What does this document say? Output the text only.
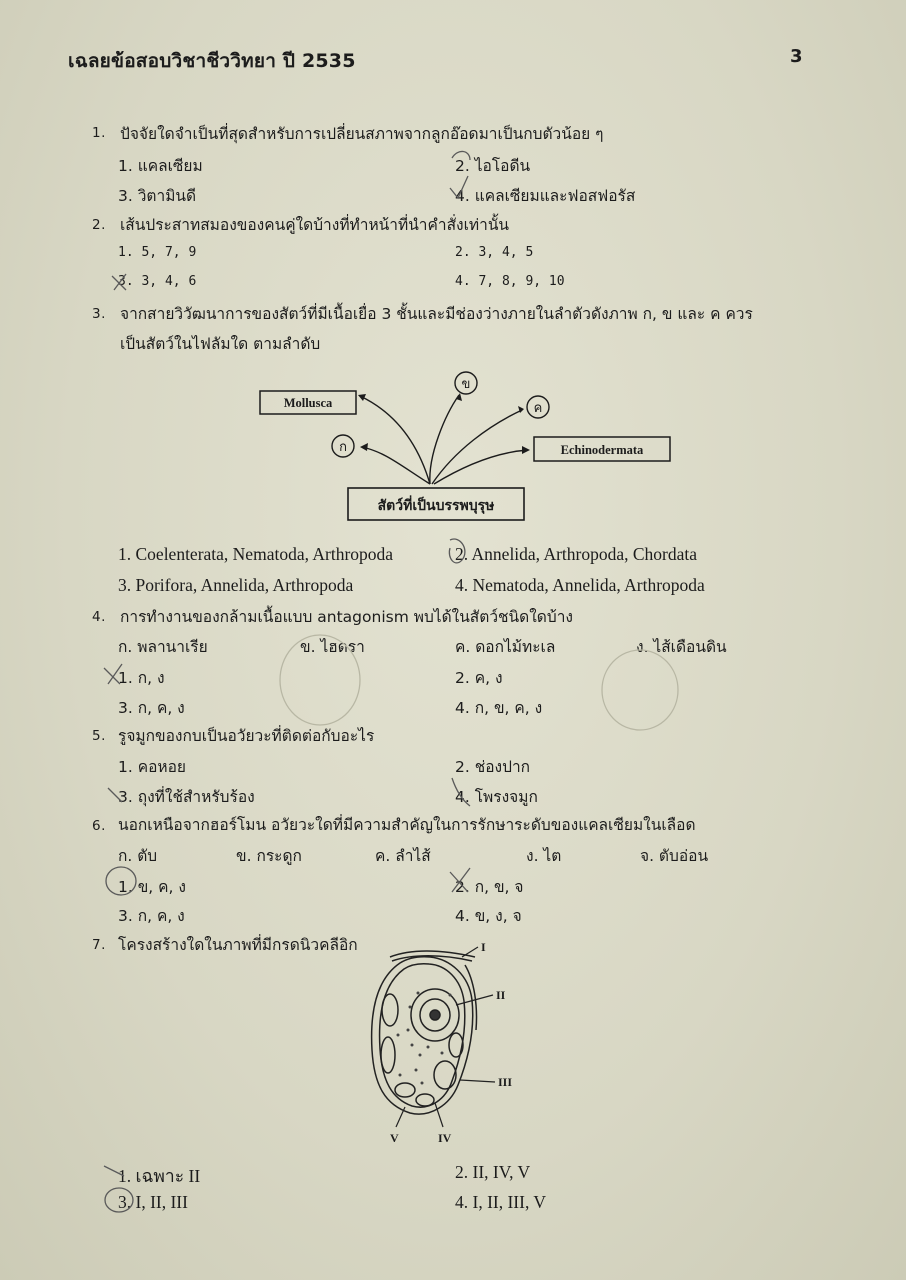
เฉลยข้อสอบวิชาชีววิทยา ปี 2535	3
1. ปัจจัยใดจำเป็นที่สุดสำหรับการเปลี่ยนสภาพจากลูกอ๊อดมาเป็นกบตัวน้อย ๆ
1. แคลเซียม	2. ไอโอดีน
3. วิตามินดี	4. แคลเซียมและฟอสฟอรัส
2. เส้นประสาทสมองของคนคู่ใดบ้างที่ทำหน้าที่นำคำสั่งเท่านั้น
1. 5, 7, 9	2. 3, 4, 5
3. 3, 4, 6	4. 7, 8, 9, 10
3. จากสายวิวัฒนาการของสัตว์ที่มีเนื้อเยื่อ 3 ชั้นและมีช่องว่างภายในลำตัวดังภาพ ก, ข และ ค ควร
เป็นสัตว์ในไฟลัมใด ตามลำดับ
Mollusca
Echinodermata
ก
ข
ค
สัตว์ที่เป็นบรรพบุรุษ
1. Coelenterata, Nematoda, Arthropoda	2. Annelida, Arthropoda, Chordata
3. Porifora, Annelida, Arthropoda	4. Nematoda, Annelida, Arthropoda
4. การทำงานของกล้ามเนื้อแบบ antagonism พบได้ในสัตว์ชนิดใดบ้าง
ก. พลานาเรีย	ข. ไฮดรา	ค. ดอกไม้ทะเล	ง. ไส้เดือนดิน
1. ก, ง	2. ค, ง
3. ก, ค, ง	4. ก, ข, ค, ง
5. รูจมูกของกบเป็นอวัยวะที่ติดต่อกับอะไร
1. คอหอย	2. ช่องปาก
3. ถุงที่ใช้สำหรับร้อง	4. โพรงจมูก
6. นอกเหนือจากฮอร์โมน อวัยวะใดที่มีความสำคัญในการรักษาระดับของแคลเซียมในเลือด
ก. ตับ	ข. กระดูก	ค. ลำไส้	ง. ไต	จ. ตับอ่อน
1. ข, ค, ง	2. ก, ข, จ
3. ก, ค, ง	4. ข, ง, จ
7. โครงสร้างใดในภาพที่มีกรดนิวคลีอิก	I
II
III
IV
V
1. เฉพาะ II	2. II, IV, V
3. I, II, III	4. I, II, III, V
